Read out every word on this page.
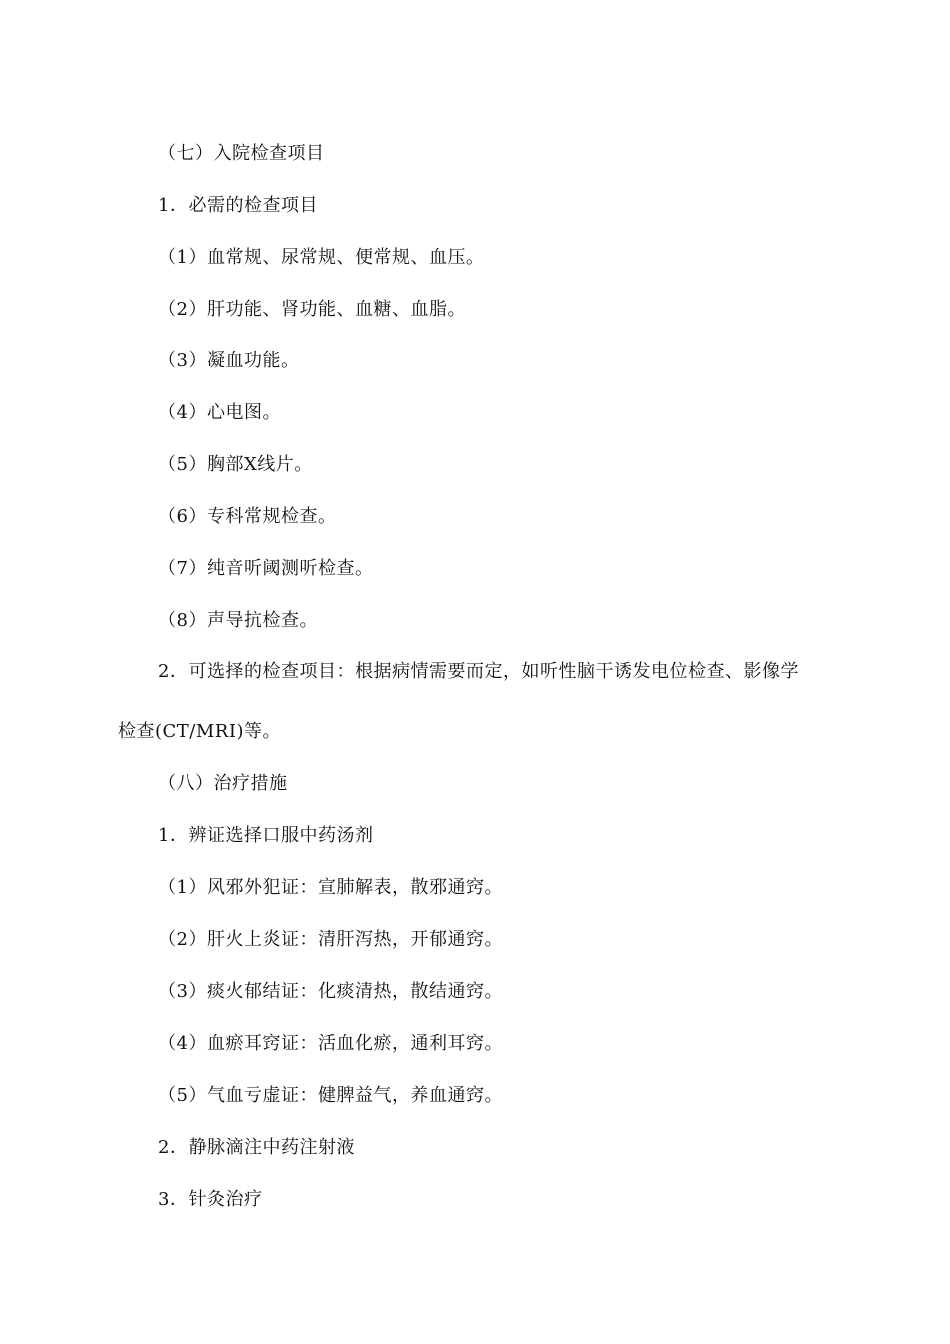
（七）入院检查项目
1．必需的检查项目
（1）血常规、尿常规、便常规、血压。
（2）肝功能、肾功能、血糖、血脂。
（3）凝血功能。
（4）心电图。
（5）胸部X线片。
（6）专科常规检查。
（7）纯音听阈测听检查。
（8）声导抗检查。
2．可选择的检查项目：根据病情需要而定，如听性脑干诱发电位检查、影像学
检查(CT/MRI)等。
（八）治疗措施
1．辨证选择口服中药汤剂
（1）风邪外犯证：宣肺解表，散邪通窍。
（2）肝火上炎证：清肝泻热，开郁通窍。
（3）痰火郁结证：化痰清热，散结通窍。
（4）血瘀耳窍证：活血化瘀，通利耳窍。
（5）气血亏虚证：健脾益气，养血通窍。
2．静脉滴注中药注射液
3．针灸治疗
